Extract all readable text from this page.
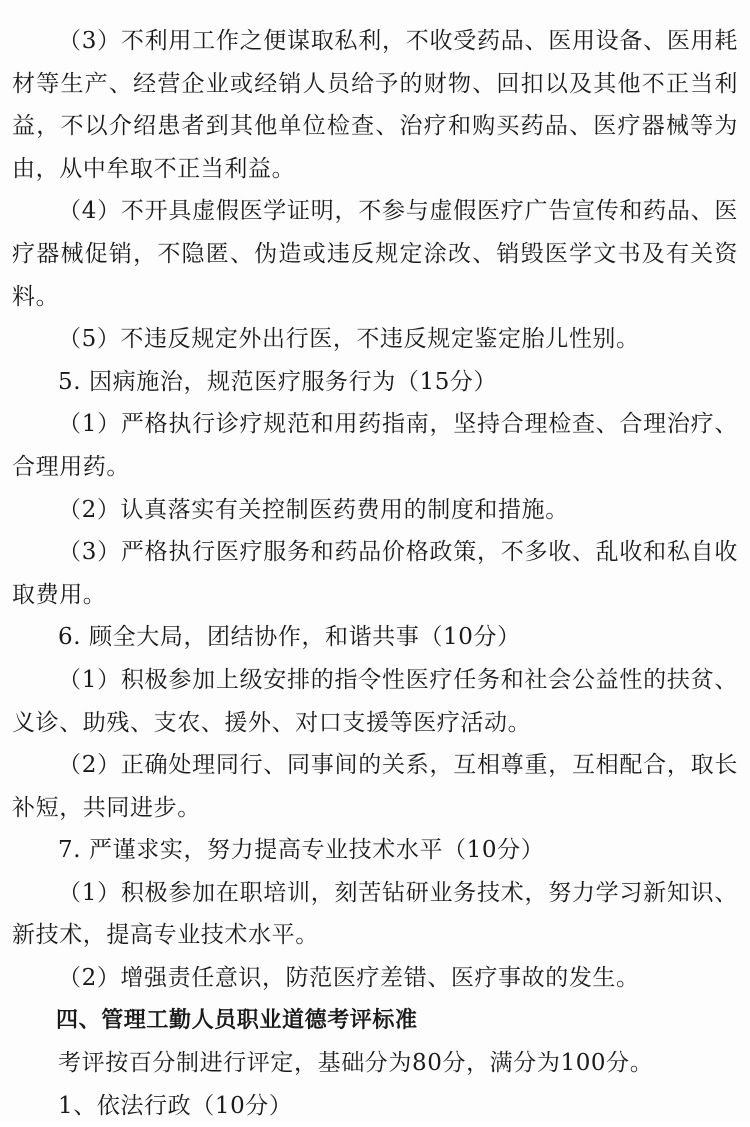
（3）不利用工作之便谋取私利，不收受药品、医用设备、医用耗材等生产、经营企业或经销人员给予的财物、回扣以及其他不正当利益，不以介绍患者到其他单位检查、治疗和购买药品、医疗器械等为由，从中牟取不正当利益。

（4）不开具虚假医学证明，不参与虚假医疗广告宣传和药品、医疗器械促销，不隐匿、伪造或违反规定涂改、销毁医学文书及有关资料。

（5）不违反规定外出行医，不违反规定鉴定胎儿性别。

5. 因病施治，规范医疗服务行为（15分）

（1）严格执行诊疗规范和用药指南，坚持合理检查、合理治疗、合理用药。

（2）认真落实有关控制医药费用的制度和措施。

（3）严格执行医疗服务和药品价格政策，不多收、乱收和私自收取费用。

6. 顾全大局，团结协作，和谐共事（10分）

（1）积极参加上级安排的指令性医疗任务和社会公益性的扶贫、义诊、助残、支农、援外、对口支援等医疗活动。

（2）正确处理同行、同事间的关系，互相尊重，互相配合，取长补短，共同进步。

7. 严谨求实，努力提高专业技术水平（10分）

（1）积极参加在职培训，刻苦钻研业务技术，努力学习新知识、新技术，提高专业技术水平。

（2）增强责任意识，防范医疗差错、医疗事故的发生。

四、管理工勤人员职业道德考评标准

考评按百分制进行评定，基础分为80分，满分为100分。

1、依法行政（10分）
